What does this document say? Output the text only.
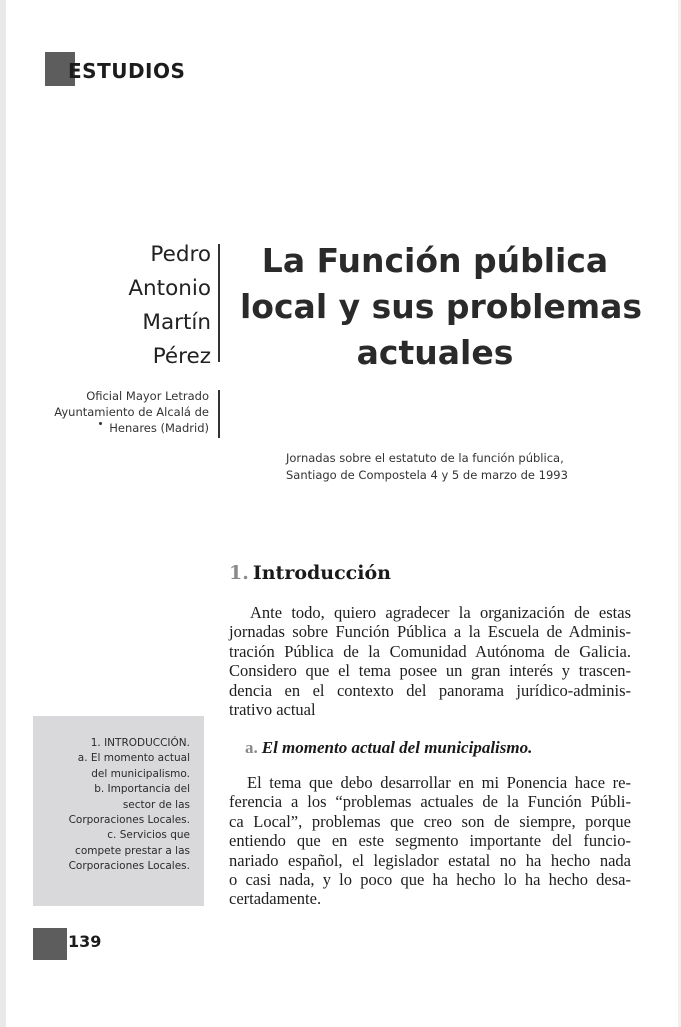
ESTUDIOS
Pedro
Antonio
Martín
Pérez
Oficial Mayor Letrado
Ayuntamiento de Alcalá de
Henares (Madrid)
La Función pública
local y sus problemas
actuales
Jornadas sobre el estatuto de la función pública,
Santiago de Compostela 4 y 5 de marzo de 1993
1. Introducción
Ante todo, quiero agradecer la organización de estas
jornadas sobre Función Pública a la Escuela de Adminis-
tración Pública de la Comunidad Autónoma de Galicia.
Considero que el tema posee un gran interés y trascen-
dencia en el contexto del panorama jurídico-adminis-
trativo actual
a. El momento actual del municipalismo.
El tema que debo desarrollar en mi Ponencia hace re-
ferencia a los “problemas actuales de la Función Públi-
ca Local”, problemas que creo son de siempre, porque
entiendo que en este segmento importante del funcio-
nariado español, el legislador estatal no ha hecho nada
o casi nada, y lo poco que ha hecho lo ha hecho desa-
certadamente.
1. INTRODUCCIÓN.
a. El momento actual
del municipalismo.
b. Importancia del
sector de las
Corporaciones Locales.
c. Servicios que
compete prestar a las
Corporaciones Locales.
139
